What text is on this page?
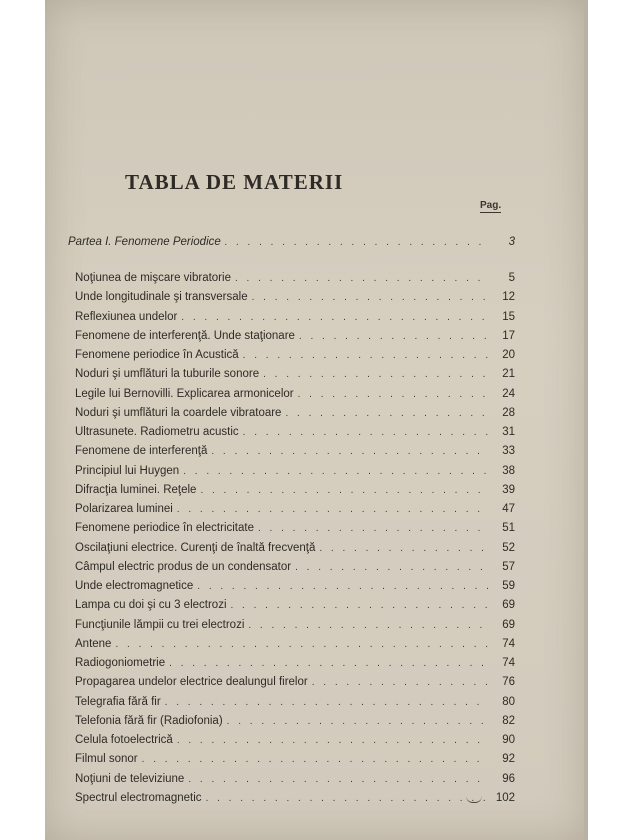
TABLA DE MATERII
Pag.
Partea I. Fenomene Periodice . . .	3
Noţiunea de mişcare vibratorie . . .	5
Unde longitudinale şi transversale . . .	12
Reflexiunea undelor . . .	15
Fenomene de interferenţă. Unde staţionare . . .	17
Fenomene periodice în Acustică . . .	20
Noduri şi umflături la tuburile sonore . . .	21
Legile lui Bernovilli. Explicarea armonicelor . . .	24
Noduri şi umflături la coardele vibratoare . . .	28
Ultrasunete. Radiometru acustic . . .	31
Fenomene de interferenţă . . .	33
Principiul lui Huygen . . .	38
Difracţia luminei. Reţele . . .	39
Polarizarea luminei . . .	47
Fenomene periodice în electricitate . . .	51
Oscilaţiuni electrice. Curenţi de înaltă frecvenţă . . .	52
Câmpul electric produs de un condensator . . .	57
Unde electromagnetice . . .	59
Lampa cu doi şi cu 3 electrozi . . .	69
Funcţiunile lămpii cu trei electrozi . . .	69
Antene . . .	74
Radiogoniometrie . . .	74
Propagarea undelor electrice dealungul firelor . . .	76
Telegrafia fără fir . . .	80
Telefonia fără fir (Radiofonia) . . .	82
Celula fotoelectrică . . .	90
Filmul sonor . . .	92
Noţiuni de televiziune . . .	96
Spectrul electromagnetic . . .	102
